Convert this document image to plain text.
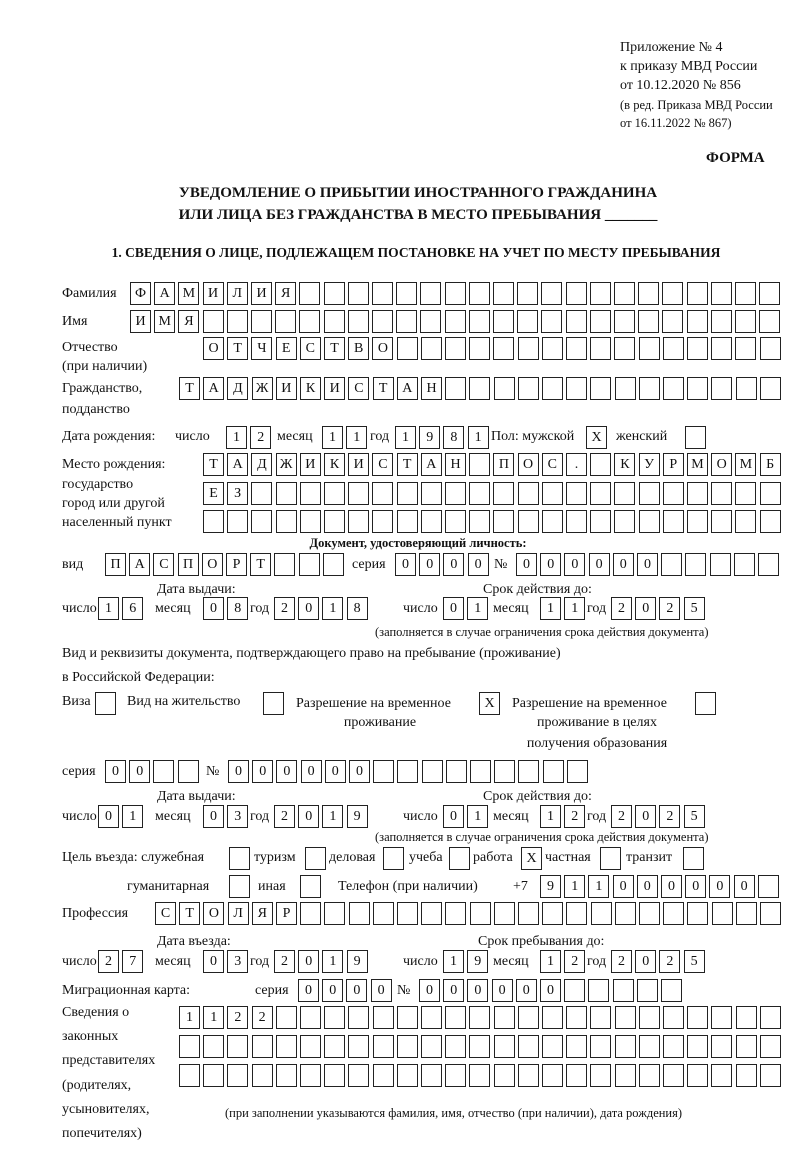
Приложение № 4
к приказу МВД России
от 10.12.2020 № 856
(в ред. Приказа МВД России
от 16.11.2022 № 867)
ФОРМА
УВЕДОМЛЕНИЕ О ПРИБЫТИИ ИНОСТРАННОГО ГРАЖДАНИНА
ИЛИ ЛИЦА БЕЗ ГРАЖДАНСТВА В МЕСТО ПРЕБЫВАНИЯ _______
1. СВЕДЕНИЯ О ЛИЦЕ, ПОДЛЕЖАЩЕМ ПОСТАНОВКЕ НА УЧЕТ ПО МЕСТУ ПРЕБЫВАНИЯ
Фамилия	Ф А М И	Л	И	Я
Имя	И М Я
Отчество
(при наличии)
О	Т	Ч	Е	С	Т	В	О
Гражданство,
подданство
Т	А	Д Ж И	К	И	С	Т	А	Н
Дата рождения: число	1	2 месяц	1	1 год 1	9	8	1 Пол: мужской	X	женский
Место рождения:
государство
город или другой
населенный пункт
Т	А	Д Ж И	К	И	С	Т	А	Н	П	О	С	.	К	У	Р	М О М Б
Е	З
Документ, удостоверяющий личность:
вид	П	А	С	П	О	Р	Т	серия	0	0	0	0 №	0	0	0	0	0	0
Дата выдачи:	Срок действия до:
число 1	6	месяц	0	8 год 2	0	1	8	число 0	1 месяц	1	1 год 2	0	2	5
(заполняется в случае ограничения срока действия документа)
Вид и реквизиты документа, подтверждающего право на пребывание (проживание)
в Российской Федерации:
Виза	Вид на жительство	Разрешение на временное
проживание
X	Разрешение на временное
проживание в целях
получения образования
серия	0	0	№	0	0	0	0	0	0
Дата выдачи:	Срок действия до:
число 0	1	месяц	0	3 год 2	0	1	9	число 0	1 месяц	1	2 год 2	0	2	5
(заполняется в случае ограничения срока действия документа)
Цель въезда: служебная	туризм деловая учеба работа X частная	транзит
гуманитарная	иная	Телефон (при наличии)	+7	9	1	1	0	0	0	0	0	0
Профессия	С	Т	О	Л	Я	Р
Дата въезда:	Срок пребывания до:
число 2	7	месяц	0	3 год 2	0	1	9	число 1	9 месяц	1	2 год 2	0	2	5
Миграционная карта:	серия	0	0	0	0 №	0	0	0	0	0	0
Сведения о
законных
представителях
(родителях,
усыновителях,
попечителях)
1	1	2	2
(при заполнении указываются фамилия, имя, отчество (при наличии), дата рождения)
